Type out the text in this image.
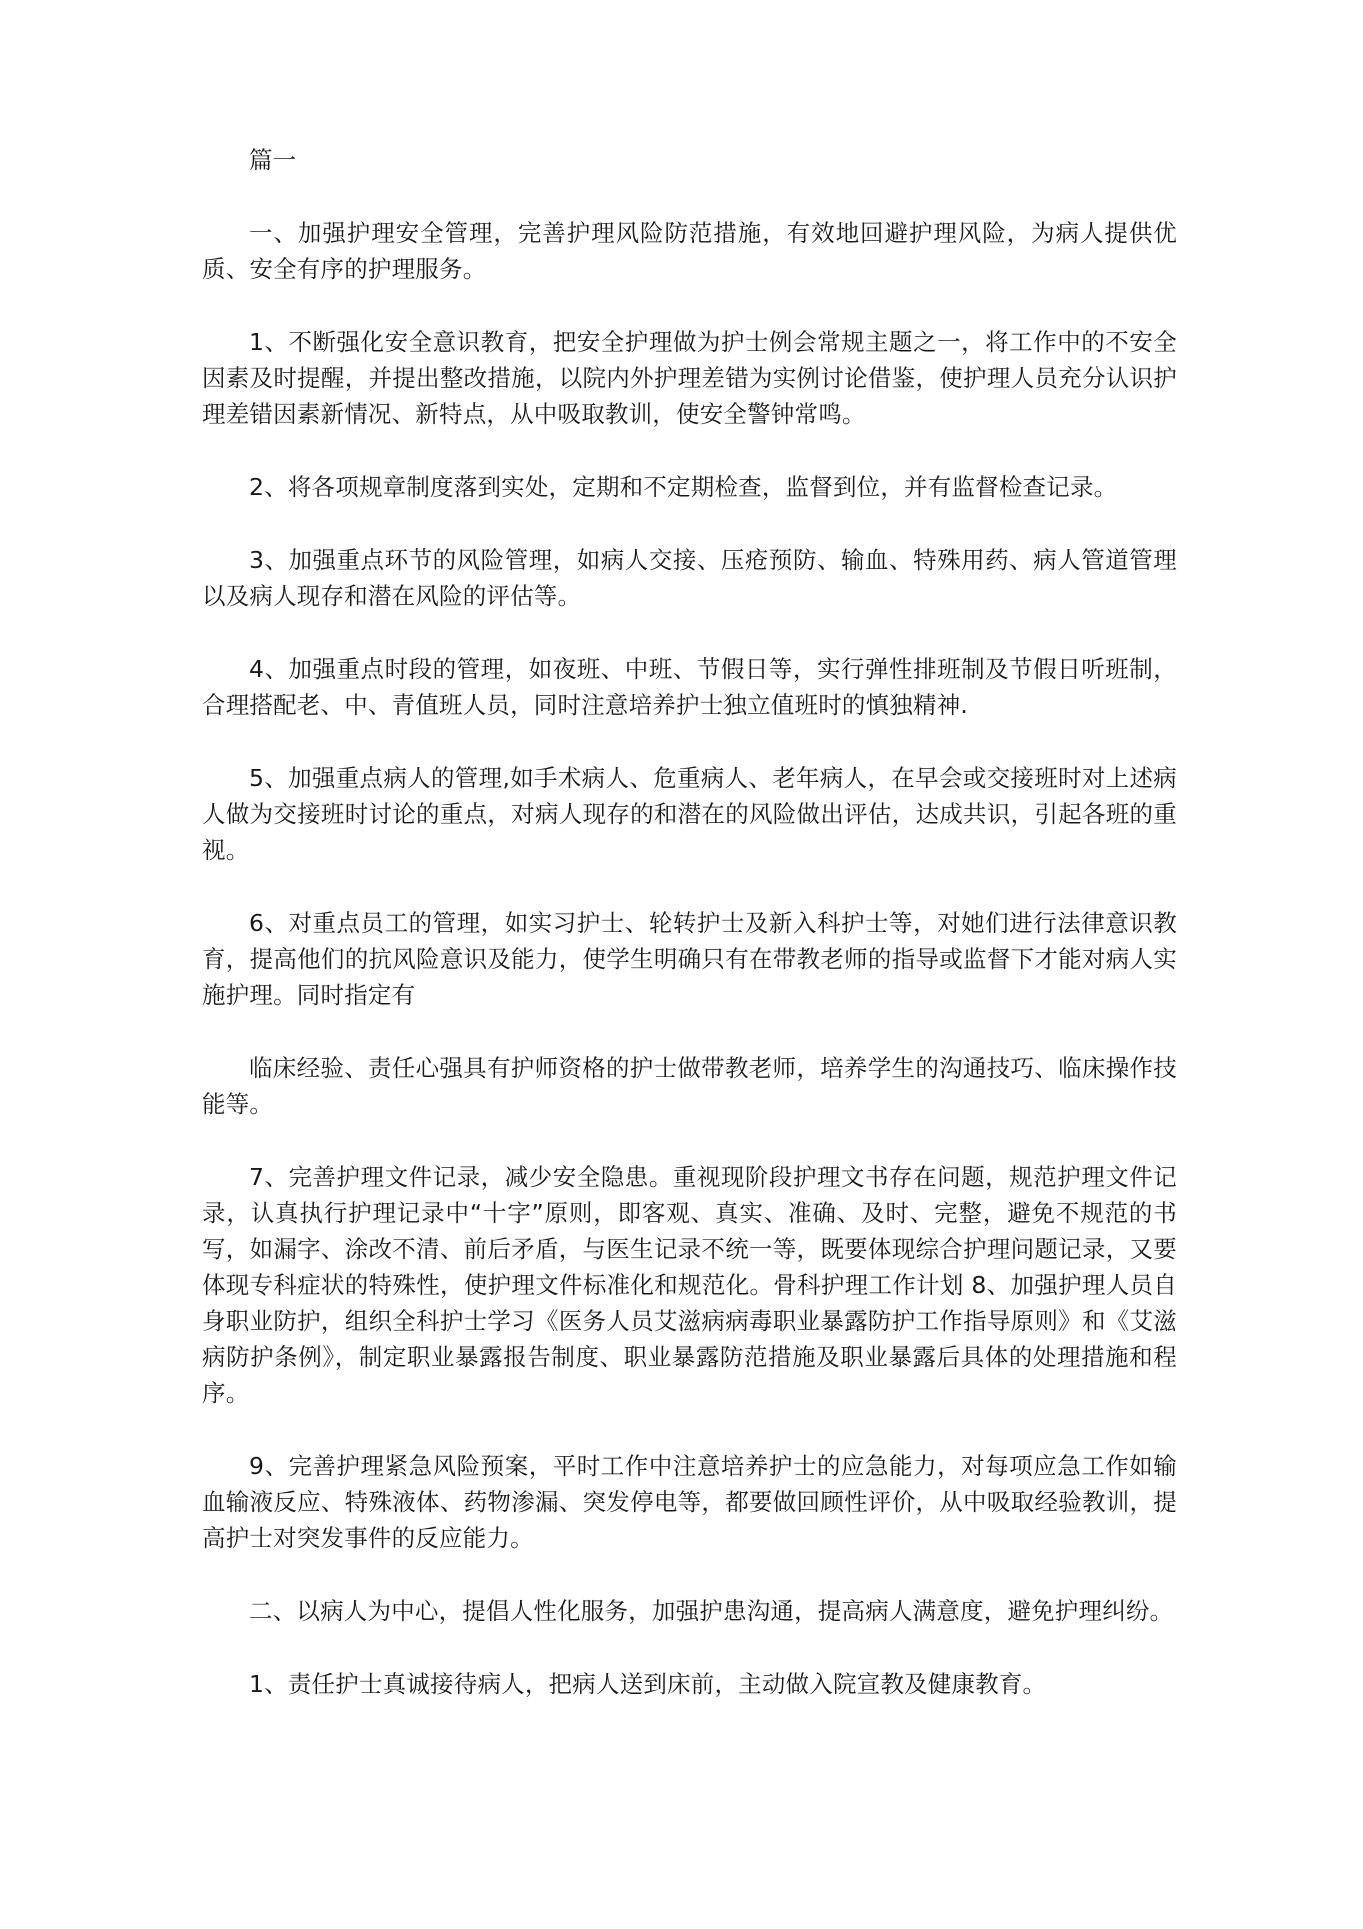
篇一

一、加强护理安全管理，完善护理风险防范措施，有效地回避护理风险，为病人提供优质、安全有序的护理服务。

1、不断强化安全意识教育，把安全护理做为护士例会常规主题之一，将工作中的不安全因素及时提醒，并提出整改措施，以院内外护理差错为实例讨论借鉴，使护理人员充分认识护理差错因素新情况、新特点，从中吸取教训，使安全警钟常鸣。

2、将各项规章制度落到实处，定期和不定期检查，监督到位，并有监督检查记录。

3、加强重点环节的风险管理，如病人交接、压疮预防、输血、特殊用药、病人管道管理以及病人现存和潜在风险的评估等。

4、加强重点时段的管理，如夜班、中班、节假日等，实行弹性排班制及节假日听班制，合理搭配老、中、青值班人员，同时注意培养护士独立值班时的慎独精神.

5、加强重点病人的管理,如手术病人、危重病人、老年病人，在早会或交接班时对上述病人做为交接班时讨论的重点，对病人现存的和潜在的风险做出评估，达成共识，引起各班的重视。

6、对重点员工的管理，如实习护士、轮转护士及新入科护士等，对她们进行法律意识教育，提高他们的抗风险意识及能力，使学生明确只有在带教老师的指导或监督下才能对病人实施护理。同时指定有

临床经验、责任心强具有护师资格的护士做带教老师，培养学生的沟通技巧、临床操作技能等。

7、完善护理文件记录，减少安全隐患。重视现阶段护理文书存在问题，规范护理文件记录，认真执行护理记录中“十字”原则，即客观、真实、准确、及时、完整，避免不规范的书写，如漏字、涂改不清、前后矛盾，与医生记录不统一等，既要体现综合护理问题记录，又要体现专科症状的特殊性，使护理文件标准化和规范化。骨科护理工作计划 8、加强护理人员自身职业防护，组织全科护士学习《医务人员艾滋病病毒职业暴露防护工作指导原则》和《艾滋病防护条例》，制定职业暴露报告制度、职业暴露防范措施及职业暴露后具体的处理措施和程序。

9、完善护理紧急风险预案，平时工作中注意培养护士的应急能力，对每项应急工作如输血输液反应、特殊液体、药物渗漏、突发停电等，都要做回顾性评价，从中吸取经验教训，提高护士对突发事件的反应能力。

二、以病人为中心，提倡人性化服务，加强护患沟通，提高病人满意度，避免护理纠纷。

1、责任护士真诚接待病人，把病人送到床前，主动做入院宣教及健康教育。
